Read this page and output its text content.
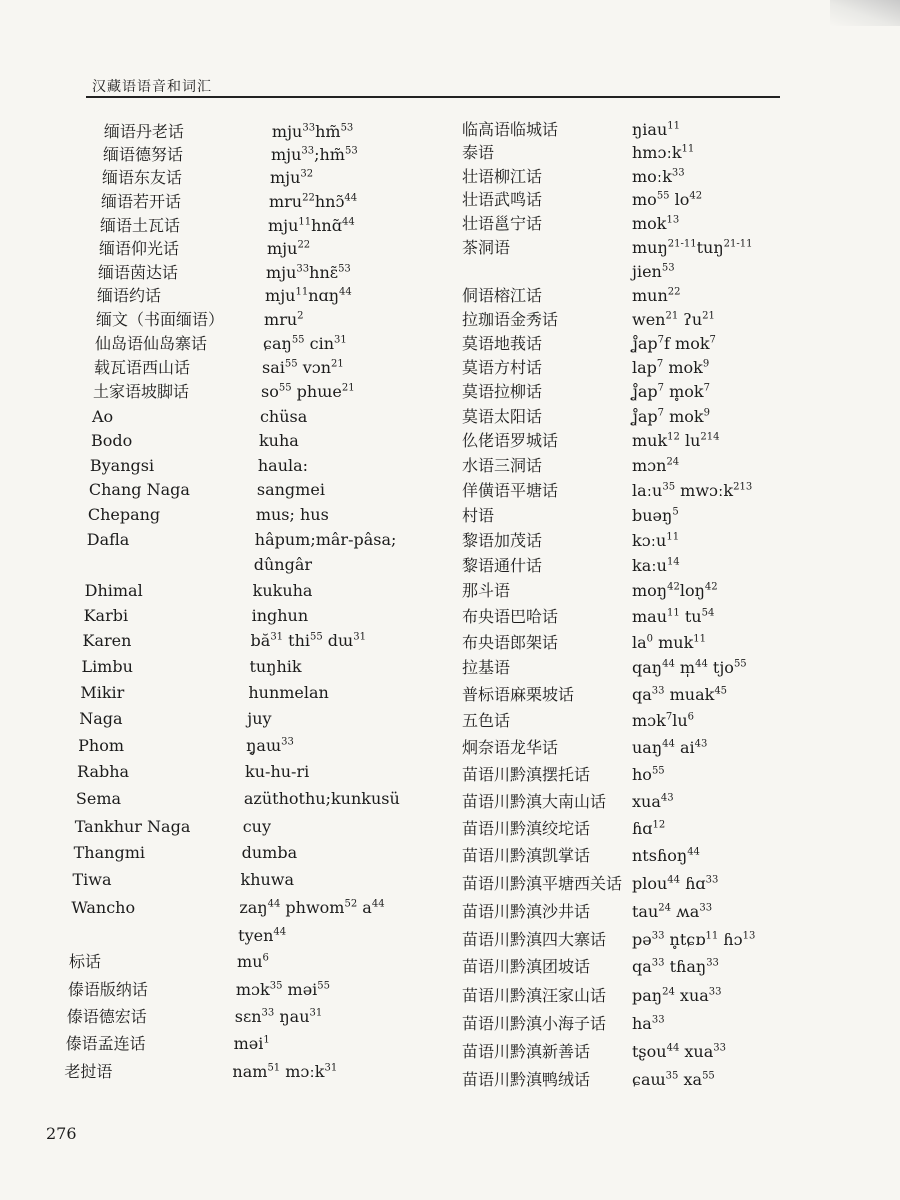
汉藏语语音和词汇
缅语丹老话	mju$^{33}$hm̃$^{53}$
缅语德努话	mju$^{33}$;hm̃$^{53}$
缅语东友话	mju$^{32}$
缅语若开话	mru$^{22}$hnɔ̃$^{44}$
缅语土瓦话	mju$^{11}$hnɑ̃$^{44}$
缅语仰光话	mju$^{22}$
缅语茵达话	mju$^{33}$hnɛ̃$^{53}$
缅语约话	mju$^{11}$nɑŋ$^{44}$
缅文（书面缅语） mru$^2$
仙岛语仙岛寨话	ɕaŋ$^{55}$ cin$^{31}$
载瓦语西山话	sai$^{55}$ vɔn$^{21}$
土家语坡脚话	$so^{55}$ phɯe$^{21}$
Ao	chüsa
Bodo	kuha
Byangsi	haula:
Chang Naga	sangmei
Chepang	mus; hus
Dafla	hâpum;mâr-pâsa;
dûngâr
Dhimal	kukuha
Karbi	inghun
Karen	$bă^{31}$ thi$^{55}$ dɯ$^{31}$
Limbu	tuŋhik
Mikir	hunmelan
Naga	juy
Phom	ŋ̥aɯ$^{33}$
Rabha	ku-hu-ri
Sema	azüthothu;kunkusü
Tankhur Naga	cuy
Thangmi	dumba
Tiwa	khuwa
Wancho	zaŋ$^{44}$ phwom$^{52}$ $a^{44}$
tyen$^{44}$
标话	$mu^6$
傣语版纳话	mɔk$^{35}$ məi$^{55}$
傣语德宏话	sɛn$^{33}$ ŋau$^{31}$
傣语孟连话	məi$^1$
老挝语	nam$^{51}$ mɔːk$^{31}$
临高语临城话	ŋiau$^{11}$
泰语	hmɔːk$^{11}$
壮语柳江话	moːk$^{33}$
壮语武鸣话	$mo^{55}$ $lo^{42}$
壮语邕宁话	mok$^{13}$
茶洞语	muŋ$^{21-11}$tuŋ$^{21-11}$
jien$^{53}$
侗语榕江话	mun$^{22}$
拉珈语金秀话	wen$^{21}$ ʔu$^{21}$
莫语地莪话	$ʝ̊ap^7f$ mok$^7$
莫语方村话	lap$^7$ mok$^9$
莫语拉柳话	$ʝ̊ap^7$ $m̥ok^7$
莫语太阳话	$ʝ̊ap^7$ mok$^9$
仫佬语罗城话	muk$^{12}$ $lu^{214}$
水语三洞话	mɔn$^{24}$
佯僙语平塘话	laːu$^{35}$ mwɔːk$^{213}$
村语	buəŋ$^5$
黎语加茂话	kɔːu$^{11}$
黎语通什话	kaːu$^{14}$
那斗语	moŋ$^{42}$loŋ$^{42}$
布央语巴哈话	mau$^{11}$ $tu^{54}$
布央语郎架话	$la^0$ muk$^{11}$
拉基语	qaŋ$^{44}$ m̩$^{44}$ tjo$^{55}$
普标语麻栗坡话	$qa^{33}$ muak$^{45}$
五色话	$mɔk^7lu^6$
炯奈语龙华话	uaŋ$^{44}$ $ai^{43}$
苗语川黔滇摆托话	$ho^{55}$
苗语川黔滇大南山话 xua$^{43}$
苗语川黔滇绞坨话	ɦɑ$^{12}$
苗语川黔滇凯掌话	ntsɦoŋ$^{44}$
苗语川黔滇平塘西关话 plou$^{44}$ ɦɑ$^{33}$
苗语川黔滇沙井话	tau$^{24}$ ʍa$^{33}$
苗语川黔滇四大寨话 pə$^{33}$ n̥tɕɒ$^{11}$ ɦɔ$^{13}$
苗语川黔滇团坡话	$qa^{33}$ tɦaŋ$^{33}$
苗语川黔滇汪家山话 paŋ$^{24}$ xua$^{33}$
苗语川黔滇小海子话 $ha^{33}$
苗语川黔滇新善话	tʂou$^{44}$ xua$^{33}$
苗语川黔滇鸭绒话	ɕaɯ$^{35}$ $xa^{55}$
276
